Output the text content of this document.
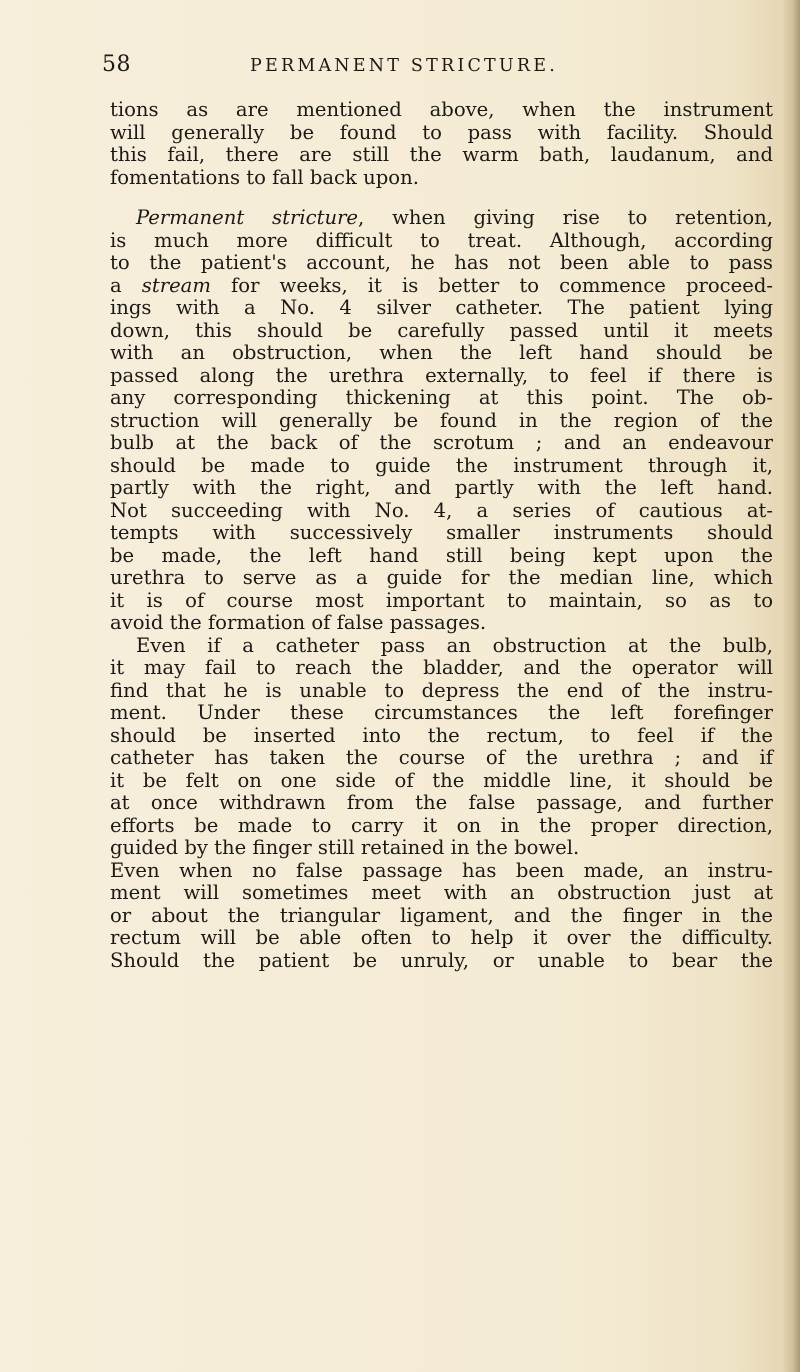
58	PERMANENT STRICTURE.
tions as are mentioned above, when the instrument
will generally be found to pass with facility. Should
this fail, there are still the warm bath, laudanum, and
fomentations to fall back upon.
Permanent stricture, when giving rise to retention,
is much more difficult to treat. Although, according
to the patient's account, he has not been able to pass
a stream for weeks, it is better to commence proceed-
ings with a No. 4 silver catheter. The patient lying
down, this should be carefully passed until it meets
with an obstruction, when the left hand should be
passed along the urethra externally, to feel if there is
any corresponding thickening at this point. The ob-
struction will generally be found in the region of the
bulb at the back of the scrotum ; and an endeavour
should be made to guide the instrument through it,
partly with the right, and partly with the left hand.
Not succeeding with No. 4, a series of cautious at-
tempts with successively smaller instruments should
be made, the left hand still being kept upon the
urethra to serve as a guide for the median line, which
it is of course most important to maintain, so as to
avoid the formation of false passages.
Even if a catheter pass an obstruction at the bulb,
it may fail to reach the bladder, and the operator will
find that he is unable to depress the end of the instru-
ment. Under these circumstances the left forefinger
should be inserted into the rectum, to feel if the
catheter has taken the course of the urethra ; and if
it be felt on one side of the middle line, it should be
at once withdrawn from the false passage, and further
efforts be made to carry it on in the proper direction,
guided by the finger still retained in the bowel.
Even when no false passage has been made, an instru-
ment will sometimes meet with an obstruction just at
or about the triangular ligament, and the finger in the
rectum will be able often to help it over the difficulty.
Should the patient be unruly, or unable to bear the
